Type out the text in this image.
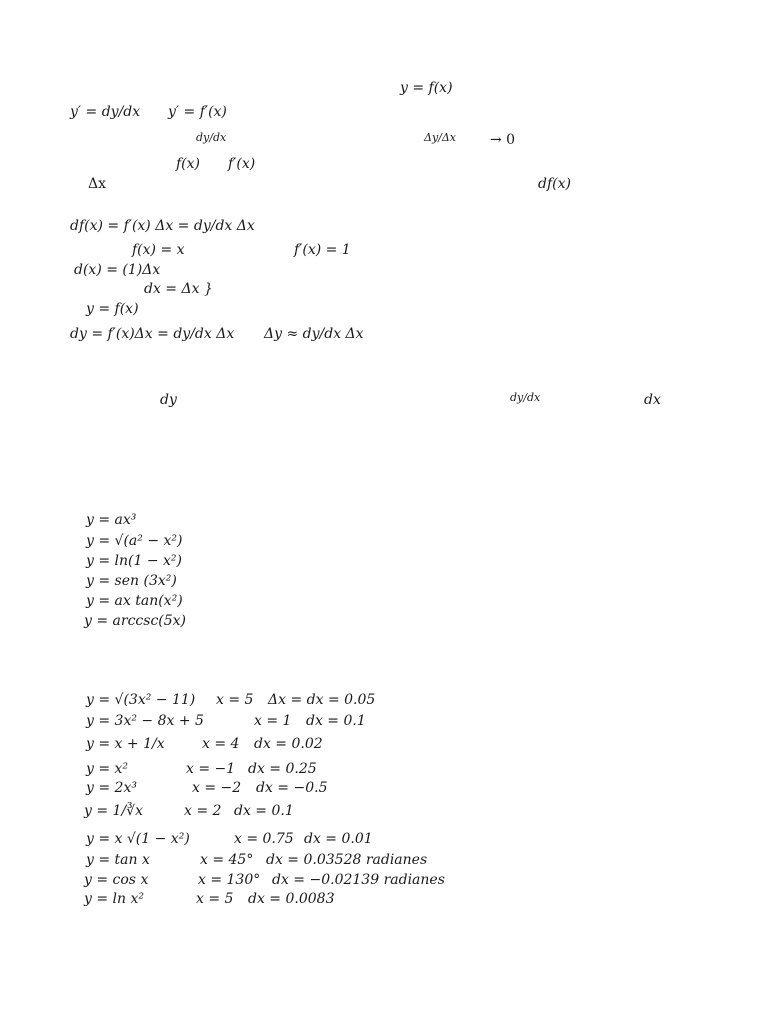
y = f(x)
y′ = dy/dx y′ = f′(x)
dy/dx	Δy/Δx → 0
f(x) f′(x)
Δx	df(x)
df(x) = f′(x) Δx = dy/dx Δx
f(x) = x	f′(x) = 1
d(x) = (1)Δx
dx = Δx }
y = f(x)
dy = f′(x)Δx = dy/dx Δx Δy ≈ dy/dx Δx
dy	dy/dx	dx
y = ax³
y = √(a² − x²)
y = ln(1 − x²)
y = sen (3x²)
y = ax tan(x²)
y = arccsc(5x)
y = √(3x² − 11) x = 5 Δx = dx = 0.05
y = 3x² − 8x + 5	x = 1 dx = 0.1
y = x + 1/x	x = 4 dx = 0.02
y = x²	x = −1 dx = 0.25
y = 2x³	x = −2 dx = −0.5
y = 1/∛x	x = 2 dx = 0.1
y = x √(1 − x²)	x = 0.75 dx = 0.01
y = tan x	x = 45° dx = 0.03528 radianes
y = cos x	x = 130° dx = −0.02139 radianes
y = ln x²	x = 5 dx = 0.0083
